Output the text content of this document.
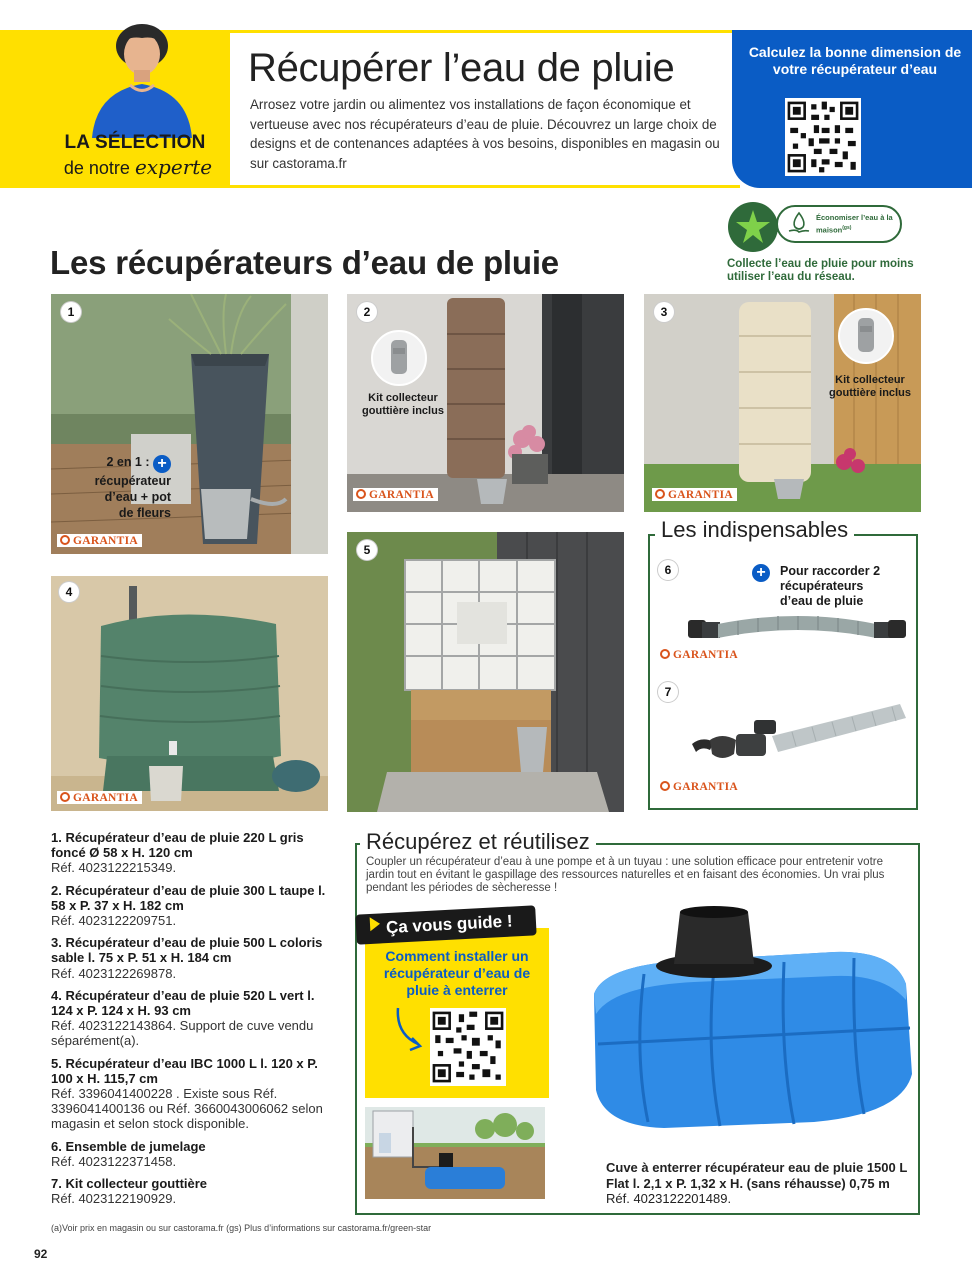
LA SÉLECTION
de notre experte
Récupérer l’eau de pluie

Arrosez votre jardin ou alimentez vos installations de façon économique et vertueuse avec nos récupérateurs d’eau de pluie. Découvrez un large choix de designs et de contenances adaptées à vos besoins, disponibles en magasin ou sur castorama.fr

Calculez la bonne dimension de votre récupérateur d’eau
Économiser l’eau à la maison$^{(gs)}$
Collecte l’eau de pluie pour moins utiliser l’eau du réseau.
Les récupérateurs d’eau de pluie
1
2 en 1 : +
récupérateur
d’eau + pot
de fleurs
GARANTIA
2
Kit collecteur
gouttière inclus
GARANTIA
3
Kit collecteur
gouttière inclus
GARANTIA
4
GARANTIA
5
Les indispensables
6	+	Pour raccorder 2 récupérateurs d’eau de pluie
GARANTIA
7
GARANTIA
1. Récupérateur d’eau de pluie 220 L gris foncé Ø 58 x H. 120 cm
Réf. 4023122215349.
2. Récupérateur d’eau de pluie 300 L taupe l. 58 x P. 37 x H. 182 cm
Réf. 4023122209751.
3. Récupérateur d’eau de pluie 500 L coloris sable l. 75 x P. 51 x H. 184 cm
Réf. 4023122269878.
4. Récupérateur d’eau de pluie 520 L vert l. 124 x P. 124 x H. 93 cm
Réf. 4023122143864. Support de cuve vendu séparément(a).
5. Récupérateur d’eau IBC 1000 L l. 120 x P. 100 x H. 115,7 cm
Réf. 3396041400228 . Existe sous Réf. 3396041400136 ou Réf. 3660043006062 selon magasin et selon stock disponible.
6. Ensemble de jumelage
Réf. 4023122371458.
7. Kit collecteur gouttière
Réf. 4023122190929.
Récupérez et réutilisez
Coupler un récupérateur d’eau à une pompe et à un tuyau : une solution efficace pour entretenir votre jardin tout en évitant le gaspillage des ressources naturelles et en faisant des économies. Un vrai plus pendant les périodes de sècheresse !
Ça vous guide !
Comment installer un récupérateur d’eau de pluie à enterrer
Cuve à enterrer récupérateur eau de pluie 1500 L Flat l. 2,1 x P. 1,32 x H. (sans réhausse) 0,75 m
Réf. 4023122201489.
(a)Voir prix en magasin ou sur castorama.fr (gs) Plus d’informations sur castorama.fr/green-star
92
